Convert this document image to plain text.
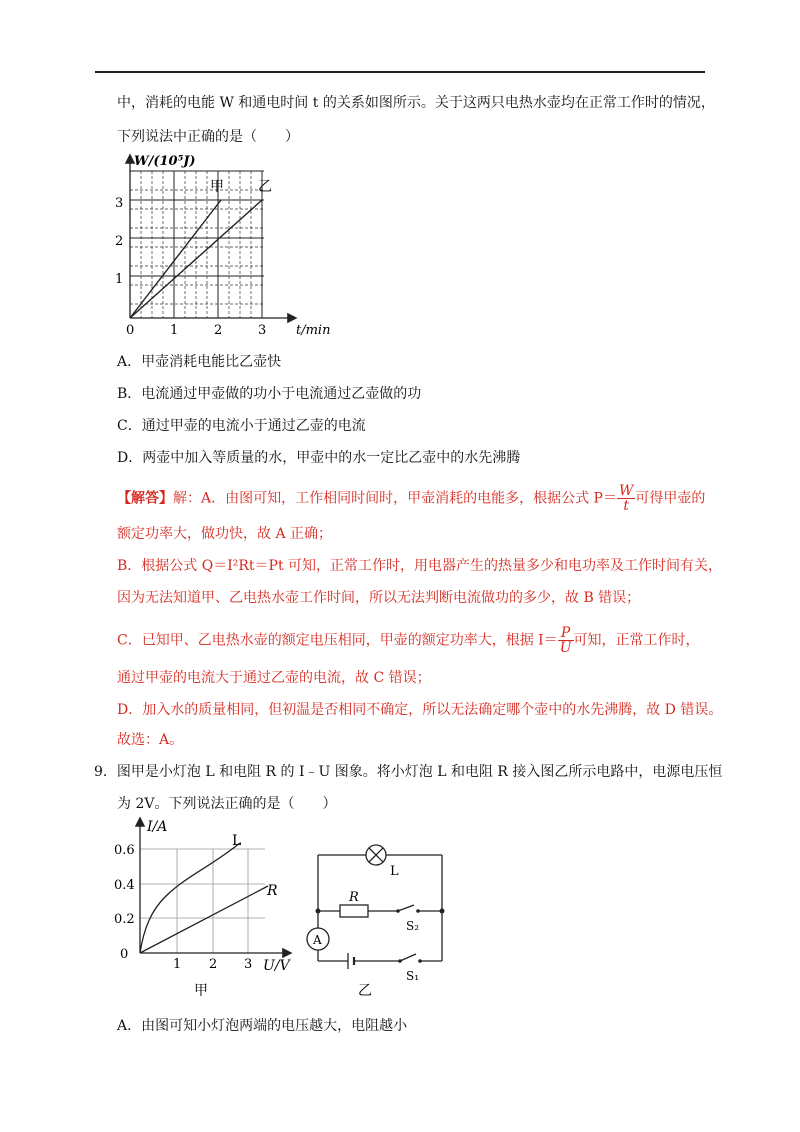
中，消耗的电能 W 和通电时间 t 的关系如图所示。关于这两只电热水壶均在正常工作时的情况，
下列说法中正确的是（　　）
W/(10⁵J)
1
2
3
0	1	2	3 t/min
甲 乙
A．甲壶消耗电能比乙壶快
B．电流通过甲壶做的功小于电流通过乙壶做的功
C．通过甲壶的电流小于通过乙壶的电流
D．两壶中加入等质量的水，甲壶中的水一定比乙壶中的水先沸腾
【解答】解：A．由图可知，工作相同时间时，甲壶消耗的电能多，根据公式 $P= \frac{W}{t}$ 可得甲壶的
额定功率大，做功快，故 A 正确；
B．根据公式 Q＝I²Rt＝Pt 可知，正常工作时，用电器产生的热量多少和电功率及工作时间有关，
因为无法知道甲、乙电热水壶工作时间，所以无法判断电流做功的多少，故 B 错误；
C．已知甲、乙电热水壶的额定电压相同，甲壶的额定功率大，根据 $I= \frac{P}{U}$ 可知，正常工作时，
通过甲壶的电流大于通过乙壶的电流，故 C 错误；
D．加入水的质量相同，但初温是否相同不确定，所以无法确定哪个壶中的水先沸腾，故 D 错误。
故选：A。
9．图甲是小灯泡 L 和电阻 R 的 I﹣U 图象。将小灯泡 L 和电阻 R 接入图乙所示电路中，电源电压恒
为 2V。下列说法正确的是（　　）
I/A
0
0.2
0.4
0.6
1 2 3 U/V
L
R
甲
L
R
A
S₂
S₁
乙
A．由图可知小灯泡两端的电压越大，电阻越小
